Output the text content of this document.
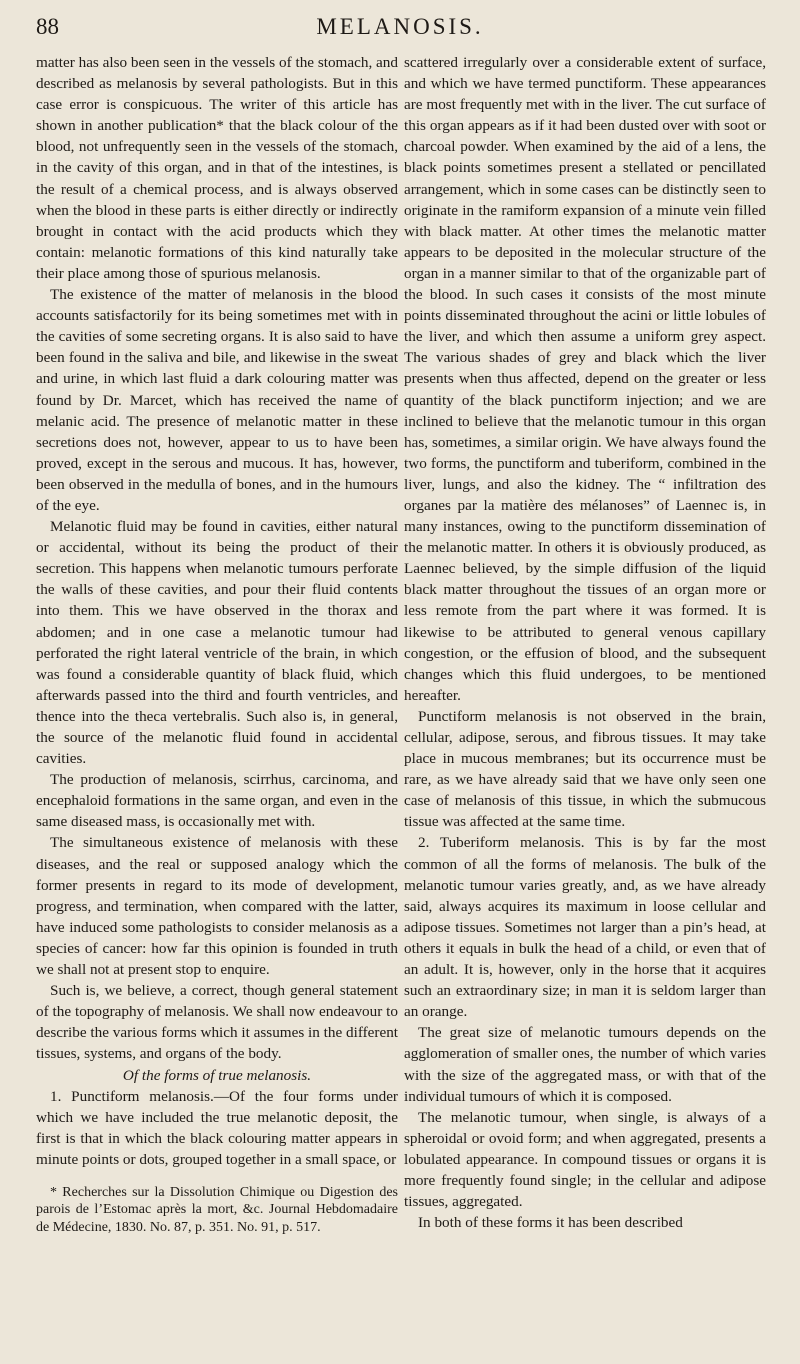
88	MELANOSIS.

matter has also been seen in the vessels of the stomach, and described as melanosis by several pathologists. But in this case error is conspicuous. The writer of this article has shown in another publication* that the black colour of the blood, not unfrequently seen in the vessels of the stomach, in the cavity of this organ, and in that of the intestines, is the result of a chemical process, and is always observed when the blood in these parts is either directly or indirectly brought in contact with the acid products which they contain: melanotic formations of this kind naturally take their place among those of spurious melanosis.

The existence of the matter of melanosis in the blood accounts satisfactorily for its being sometimes met with in the cavities of some secreting organs. It is also said to have been found in the saliva and bile, and likewise in the sweat and urine, in which last fluid a dark colouring matter was found by Dr. Marcet, which has received the name of melanic acid. The presence of melanotic matter in these secretions does not, however, appear to us to have been proved, except in the serous and mucous. It has, however, been observed in the medulla of bones, and in the humours of the eye.

Melanotic fluid may be found in cavities, either natural or accidental, without its being the product of their secretion. This happens when melanotic tumours perforate the walls of these cavities, and pour their fluid contents into them. This we have observed in the thorax and abdomen; and in one case a melanotic tumour had perforated the right lateral ventricle of the brain, in which was found a considerable quantity of black fluid, which afterwards passed into the third and fourth ventricles, and thence into the theca vertebralis. Such also is, in general, the source of the melanotic fluid found in accidental cavities.

The production of melanosis, scirrhus, carcinoma, and encephaloid formations in the same organ, and even in the same diseased mass, is occasionally met with.

The simultaneous existence of melanosis with these diseases, and the real or supposed analogy which the former presents in regard to its mode of development, progress, and termination, when compared with the latter, have induced some pathologists to consider melanosis as a species of cancer: how far this opinion is founded in truth we shall not at present stop to enquire.

Such is, we believe, a correct, though general statement of the topography of melanosis. We shall now endeavour to describe the various forms which it assumes in the different tissues, systems, and organs of the body.

Of the forms of true melanosis.

1. Punctiform melanosis.—Of the four forms under which we have included the true melanotic deposit, the first is that in which the black colouring matter appears in minute points or dots, grouped together in a small space, or

* Recherches sur la Dissolution Chimique ou Digestion des parois de l’Estomac après la mort, &c. Journal Hebdomadaire de Médecine, 1830. No. 87, p. 351. No. 91, p. 517.

scattered irregularly over a considerable extent of surface, and which we have termed punctiform. These appearances are most frequently met with in the liver. The cut surface of this organ appears as if it had been dusted over with soot or charcoal powder. When examined by the aid of a lens, the black points sometimes present a stellated or pencillated arrangement, which in some cases can be distinctly seen to originate in the ramiform expansion of a minute vein filled with black matter. At other times the melanotic matter appears to be deposited in the molecular structure of the organ in a manner similar to that of the organizable part of the blood. In such cases it consists of the most minute points disseminated throughout the acini or little lobules of the liver, and which then assume a uniform grey aspect. The various shades of grey and black which the liver presents when thus affected, depend on the greater or less quantity of the black punctiform injection; and we are inclined to believe that the melanotic tumour in this organ has, sometimes, a similar origin. We have always found the two forms, the punctiform and tuberiform, combined in the liver, lungs, and also the kidney. The “ infiltration des organes par la matière des mélanoses” of Laennec is, in many instances, owing to the punctiform dissemination of the melanotic matter. In others it is obviously produced, as Laennec believed, by the simple diffusion of the liquid black matter throughout the tissues of an organ more or less remote from the part where it was formed. It is likewise to be attributed to general venous capillary congestion, or the effusion of blood, and the subsequent changes which this fluid undergoes, to be mentioned hereafter.

Punctiform melanosis is not observed in the brain, cellular, adipose, serous, and fibrous tissues. It may take place in mucous membranes; but its occurrence must be rare, as we have already said that we have only seen one case of melanosis of this tissue, in which the submucous tissue was affected at the same time.

2. Tuberiform melanosis. This is by far the most common of all the forms of melanosis. The bulk of the melanotic tumour varies greatly, and, as we have already said, always acquires its maximum in loose cellular and adipose tissues. Sometimes not larger than a pin’s head, at others it equals in bulk the head of a child, or even that of an adult. It is, however, only in the horse that it acquires such an extraordinary size; in man it is seldom larger than an orange.

The great size of melanotic tumours depends on the agglomeration of smaller ones, the number of which varies with the size of the aggregated mass, or with that of the individual tumours of which it is composed.

The melanotic tumour, when single, is always of a spheroidal or ovoid form; and when aggregated, presents a lobulated appearance. In compound tissues or organs it is more frequently found single; in the cellular and adipose tissues, aggregated.

In both of these forms it has been described
